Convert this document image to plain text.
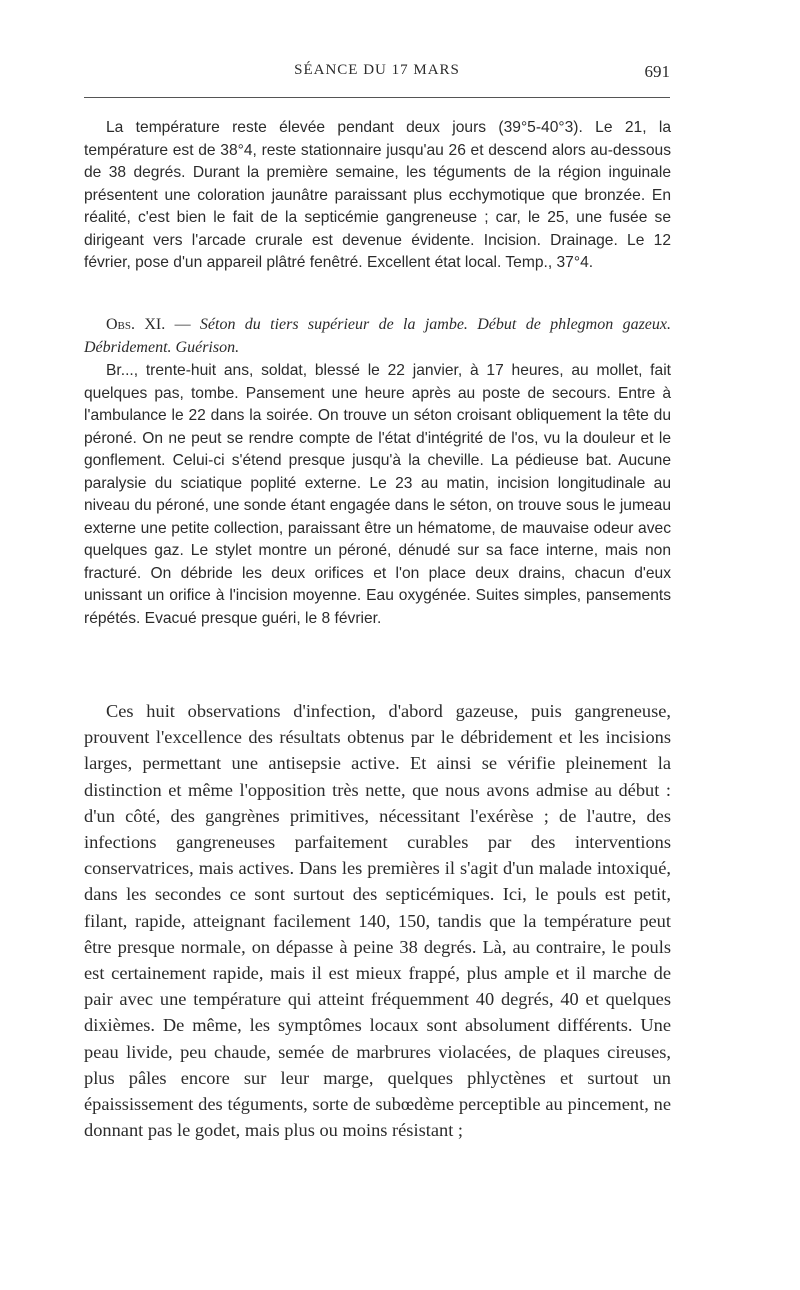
SÉANCE DU 17 MARS	691

La température reste élevée pendant deux jours (39°5-40°3). Le 21, la température est de 38°4, reste stationnaire jusqu'au 26 et descend alors au-dessous de 38 degrés. Durant la première semaine, les téguments de la région inguinale présentent une coloration jaunâtre paraissant plus ecchymotique que bronzée. En réalité, c'est bien le fait de la septicémie gangreneuse ; car, le 25, une fusée se dirigeant vers l'arcade crurale est devenue évidente. Incision. Drainage. Le 12 février, pose d'un appareil plâtré fenêtré. Excellent état local. Temp., 37°4.

Obs. XI. — Séton du tiers supérieur de la jambe. Début de phlegmon gazeux. Débridement. Guérison.

Br..., trente-huit ans, soldat, blessé le 22 janvier, à 17 heures, au mollet, fait quelques pas, tombe. Pansement une heure après au poste de secours. Entre à l'ambulance le 22 dans la soirée. On trouve un séton croisant obliquement la tête du péroné. On ne peut se rendre compte de l'état d'intégrité de l'os, vu la douleur et le gonflement. Celui-ci s'étend presque jusqu'à la cheville. La pédieuse bat. Aucune paralysie du sciatique poplité externe. Le 23 au matin, incision longitudinale au niveau du péroné, une sonde étant engagée dans le séton, on trouve sous le jumeau externe une petite collection, paraissant être un hématome, de mauvaise odeur avec quelques gaz. Le stylet montre un péroné, dénudé sur sa face interne, mais non fracturé. On débride les deux orifices et l'on place deux drains, chacun d'eux unissant un orifice à l'incision moyenne. Eau oxygénée. Suites simples, pansements répétés. Evacué presque guéri, le 8 février.

Ces huit observations d'infection, d'abord gazeuse, puis gangreneuse, prouvent l'excellence des résultats obtenus par le débridement et les incisions larges, permettant une antisepsie active. Et ainsi se vérifie pleinement la distinction et même l'opposition très nette, que nous avons admise au début : d'un côté, des gangrènes primitives, nécessitant l'exérèse ; de l'autre, des infections gangreneuses parfaitement curables par des interventions conservatrices, mais actives. Dans les premières il s'agit d'un malade intoxiqué, dans les secondes ce sont surtout des septicémiques. Ici, le pouls est petit, filant, rapide, atteignant facilement 140, 150, tandis que la température peut être presque normale, on dépasse à peine 38 degrés. Là, au contraire, le pouls est certainement rapide, mais il est mieux frappé, plus ample et il marche de pair avec une température qui atteint fréquemment 40 degrés, 40 et quelques dixièmes. De même, les symptômes locaux sont absolument différents. Une peau livide, peu chaude, semée de marbrures violacées, de plaques cireuses, plus pâles encore sur leur marge, quelques phlyctènes et surtout un épaississement des téguments, sorte de subœdème perceptible au pincement, ne donnant pas le godet, mais plus ou moins résistant ;
